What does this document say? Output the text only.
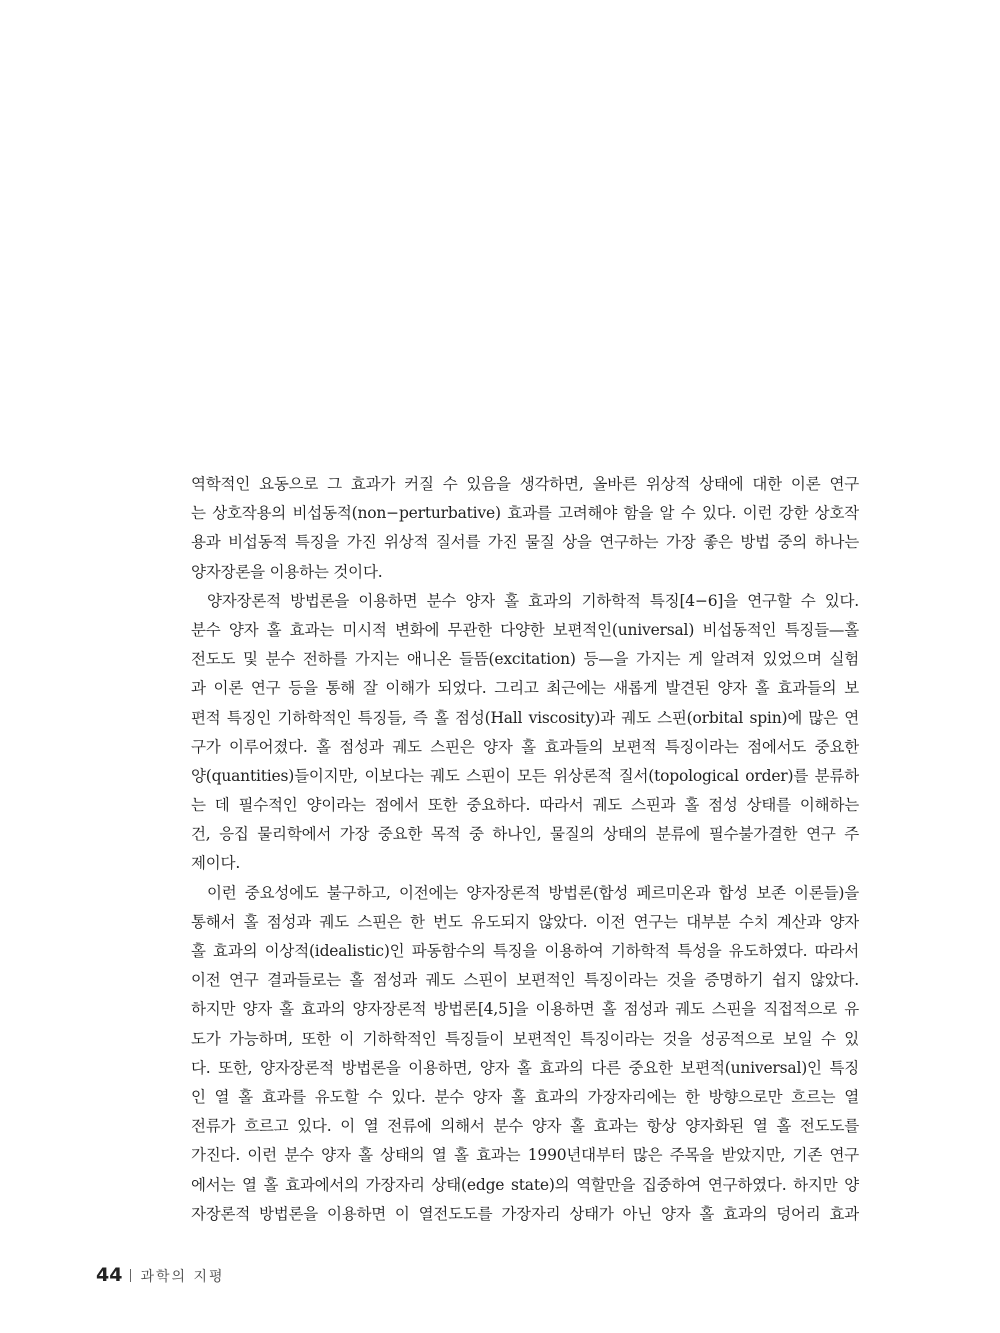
역학적인 요동으로 그 효과가 커질 수 있음을 생각하면, 올바른 위상적 상태에 대한 이론 연구
는 상호작용의 비섭동적(non−perturbative) 효과를 고려해야 함을 알 수 있다. 이런 강한 상호작
용과 비섭동적 특징을 가진 위상적 질서를 가진 물질 상을 연구하는 가장 좋은 방법 중의 하나는
양자장론을 이용하는 것이다.
양자장론적 방법론을 이용하면 분수 양자 홀 효과의 기하학적 특징[4−6]을 연구할 수 있다.
분수 양자 홀 효과는 미시적 변화에 무관한 다양한 보편적인(universal) 비섭동적인 특징들—홀
전도도 및 분수 전하를 가지는 애니온 들뜸(excitation) 등—을 가지는 게 알려져 있었으며 실험
과 이론 연구 등을 통해 잘 이해가 되었다. 그리고 최근에는 새롭게 발견된 양자 홀 효과들의 보
편적 특징인 기하학적인 특징들, 즉 홀 점성(Hall viscosity)과 궤도 스핀(orbital spin)에 많은 연
구가 이루어졌다. 홀 점성과 궤도 스핀은 양자 홀 효과들의 보편적 특징이라는 점에서도 중요한
양(quantities)들이지만, 이보다는 궤도 스핀이 모든 위상론적 질서(topological order)를 분류하
는 데 필수적인 양이라는 점에서 또한 중요하다. 따라서 궤도 스핀과 홀 점성 상태를 이해하는
건, 응집 물리학에서 가장 중요한 목적 중 하나인, 물질의 상태의 분류에 필수불가결한 연구 주
제이다.
이런 중요성에도 불구하고, 이전에는 양자장론적 방법론(합성 페르미온과 합성 보존 이론들)을
통해서 홀 점성과 궤도 스핀은 한 번도 유도되지 않았다. 이전 연구는 대부분 수치 계산과 양자
홀 효과의 이상적(idealistic)인 파동함수의 특징을 이용하여 기하학적 특성을 유도하였다. 따라서
이전 연구 결과들로는 홀 점성과 궤도 스핀이 보편적인 특징이라는 것을 증명하기 쉽지 않았다.
하지만 양자 홀 효과의 양자장론적 방법론[4,5]을 이용하면 홀 점성과 궤도 스핀을 직접적으로 유
도가 가능하며, 또한 이 기하학적인 특징들이 보편적인 특징이라는 것을 성공적으로 보일 수 있
다. 또한, 양자장론적 방법론을 이용하면, 양자 홀 효과의 다른 중요한 보편적(universal)인 특징
인 열 홀 효과를 유도할 수 있다. 분수 양자 홀 효과의 가장자리에는 한 방향으로만 흐르는 열
전류가 흐르고 있다. 이 열 전류에 의해서 분수 양자 홀 효과는 항상 양자화된 열 홀 전도도를
가진다. 이런 분수 양자 홀 상태의 열 홀 효과는 1990년대부터 많은 주목을 받았지만, 기존 연구
에서는 열 홀 효과에서의 가장자리 상태(edge state)의 역할만을 집중하여 연구하였다. 하지만 양
자장론적 방법론을 이용하면 이 열전도도를 가장자리 상태가 아닌 양자 홀 효과의 덩어리 효과
44 과학의 지평
